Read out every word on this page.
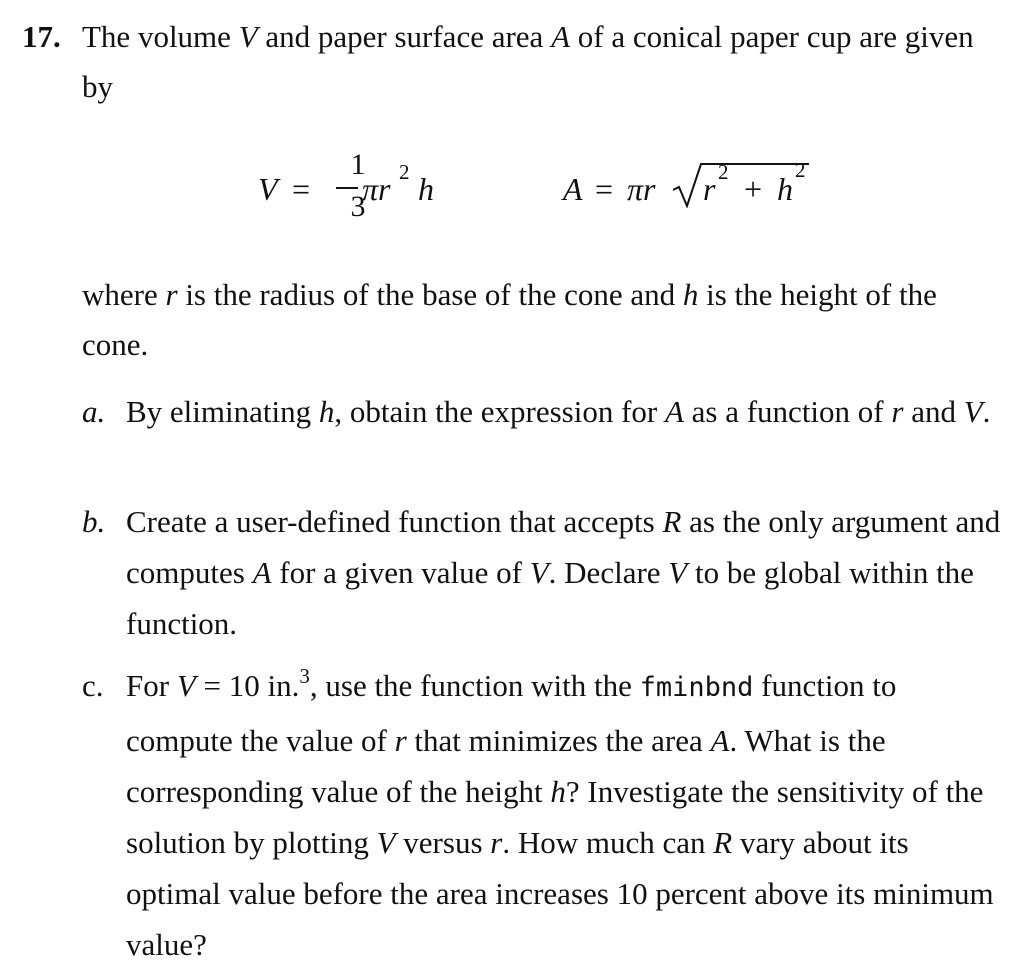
17. The volume V and paper surface area A of a conical paper cup are given by
V =
1
3
πr 2 h	A = πr r 2 + h
2
where r is the radius of the base of the cone and h is the height of the cone.
a. By eliminating h, obtain the expression for A as a function of r and V.
b. Create a user-defined function that accepts R as the only argument and computes A for a given value of V. Declare V to be global within the function.
c. For V = 10 in.$^3$, use the function with the fminbnd function to compute the value of r that minimizes the area A. What is the corresponding value of the height h? Investigate the sensitivity of the solution by plotting V versus r. How much can R vary about its optimal value before the area increases 10 percent above its minimum value?
